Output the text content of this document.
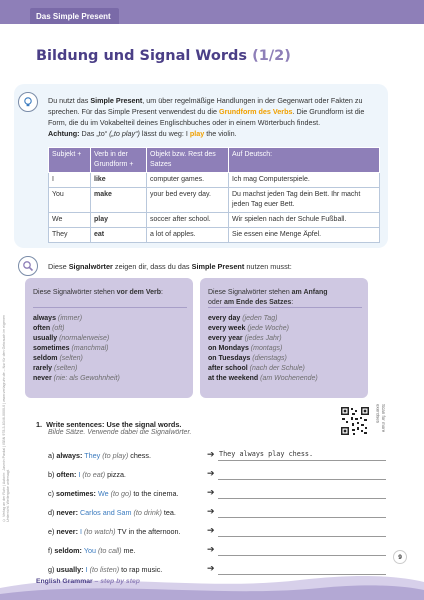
Das Simple Present
Bildung und Signal Words (1/2)
Du nutzt das Simple Present, um über regelmäßige Handlungen in der Gegenwart oder Fakten zu sprechen. Für das Simple Present verwendest du die Grundform des Verbs. Die Grundform ist die Form, die du im Vokabelteil deines Englischbuches oder in einem Wörterbuch findest.
Achtung: Das „to“ („to play“) lässt du weg: I play the violin.
Subjekt +	Verb in der Grundform +	Objekt bzw. Rest des Satzes	Auf Deutsch:
I	like	computer games.	Ich mag Computerspiele.
You	make	your bed every day.	Du machst jeden Tag dein Bett. Ihr macht jeden Tag euer Bett.
We	play	soccer after school.	Wir spielen nach der Schule Fußball.
They	eat	a lot of apples.	Sie essen eine Menge Äpfel.
Diese Signalwörter zeigen dir, dass du das Simple Present nutzen musst:
Diese Signalwörter stehen vor dem Verb:
always (immer)
often (oft)
usually (normalerweise)
sometimes (manchmal)
seldom (selten)
rarely (selten)
never (nie: als Gewohnheit)
Diese Signalwörter stehen am Anfang
oder am Ende des Satzes:
every day (jeden Tag)
every week (jede Woche)
every year (jedes Jahr)
on Mondays (montags)
on Tuesdays (dienstags)
after school (nach der Schule)
at the weekend (am Wochenende)
© Verlag an der Ruhr | Autorin: Jasmin Pardal | ISBN 978-3-8346-0000-0 | www.verlagruhr.de – Nur für den Gebrauch im eigenen Unterricht. Weitergabe untersagt.
1. Write sentences: Use the signal words.
Bilde Sätze. Verwende dabei die Signalwörter.
Scan for more exercises
a) always: They (to play) chess.
b) often: I (to eat) pizza.
c) sometimes: We (to go) to the cinema.
d) never: Carlos and Sam (to drink) tea.
e) never: I (to watch) TV in the afternoon.
f) seldom: You (to call) me.
g) usually: I (to listen) to rap music.
➔
➔
➔
➔
➔
➔
➔
They always play chess.
English Grammar – step by step
9
